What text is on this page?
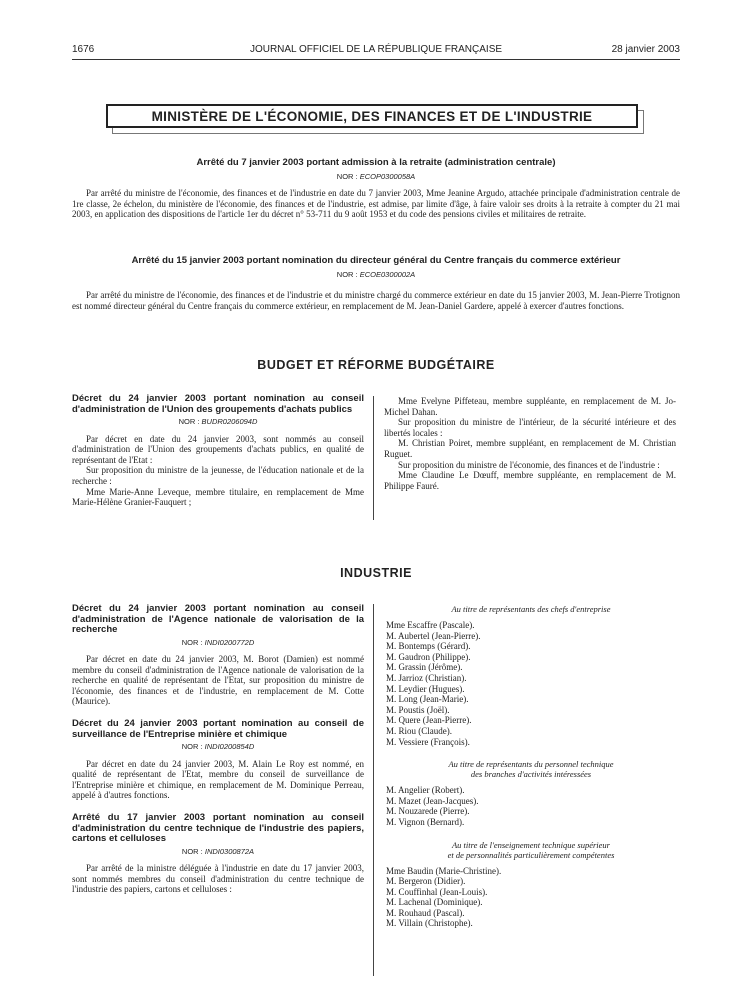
1676	JOURNAL OFFICIEL DE LA RÉPUBLIQUE FRANÇAISE	28 janvier 2003
MINISTÈRE DE L'ÉCONOMIE, DES FINANCES ET DE L'INDUSTRIE
Arrêté du 7 janvier 2003 portant admission à la retraite (administration centrale)
NOR : ECOP0300058A

Par arrêté du ministre de l'économie, des finances et de l'industrie en date du 7 janvier 2003, Mme Jeanine Argudo, attachée principale d'administration centrale de 1re classe, 2e échelon, du ministère de l'économie, des finances et de l'industrie, est admise, par limite d'âge, à faire valoir ses droits à la retraite à compter du 21 mai 2003, en application des dispositions de l'article 1er du décret n° 53-711 du 9 août 1953 et du code des pensions civiles et militaires de retraite.

Arrêté du 15 janvier 2003 portant nomination du directeur général du Centre français du commerce extérieur
NOR : ECOE0300002A

Par arrêté du ministre de l'économie, des finances et de l'industrie et du ministre chargé du commerce extérieur en date du 15 janvier 2003, M. Jean-Pierre Trotignon est nommé directeur général du Centre français du commerce extérieur, en remplacement de M. Jean-Daniel Gardere, appelé à exercer d'autres fonctions.

BUDGET ET RÉFORME BUDGÉTAIRE
Décret du 24 janvier 2003 portant nomination au conseil d'administration de l'Union des groupements d'achats publics
NOR : BUDR0206094D

Par décret en date du 24 janvier 2003, sont nommés au conseil d'administration de l'Union des groupements d'achats publics, en qualité de représentant de l'Etat :

Sur proposition du ministre de la jeunesse, de l'éducation nationale et de la recherche :

Mme Marie-Anne Leveque, membre titulaire, en remplacement de Mme Marie-Hélène Granier-Fauquert ;

Mme Evelyne Piffeteau, membre suppléante, en remplacement de M. Jo-Michel Dahan.

Sur proposition du ministre de l'intérieur, de la sécurité intérieure et des libertés locales :

M. Christian Poiret, membre suppléant, en remplacement de M. Christian Ruguet.

Sur proposition du ministre de l'économie, des finances et de l'industrie :

Mme Claudine Le Dœuff, membre suppléante, en remplacement de M. Philippe Fauré.

INDUSTRIE
Décret du 24 janvier 2003 portant nomination au conseil d'administration de l'Agence nationale de valorisation de la recherche
NOR : INDI0200772D

Par décret en date du 24 janvier 2003, M. Borot (Damien) est nommé membre du conseil d'administration de l'Agence nationale de valorisation de la recherche en qualité de représentant de l'Etat, sur proposition du ministre de l'économie, des finances et de l'industrie, en remplacement de M. Cotte (Maurice).

Décret du 24 janvier 2003 portant nomination au conseil de surveillance de l'Entreprise minière et chimique
NOR : INDI0200854D

Par décret en date du 24 janvier 2003, M. Alain Le Roy est nommé, en qualité de représentant de l'Etat, membre du conseil de surveillance de l'Entreprise minière et chimique, en remplacement de M. Dominique Perreau, appelé à d'autres fonctions.

Arrêté du 17 janvier 2003 portant nomination au conseil d'administration du centre technique de l'industrie des papiers, cartons et celluloses
NOR : INDI0300872A

Par arrêté de la ministre déléguée à l'industrie en date du 17 janvier 2003, sont nommés membres du conseil d'administration du centre technique de l'industrie des papiers, cartons et celluloses :

Au titre de représentants des chefs d'entreprise
Mme Escaffre (Pascale).
M. Aubertel (Jean-Pierre).
M. Bontemps (Gérard).
M. Gaudron (Philippe).
M. Grassin (Jérôme).
M. Jarrioz (Christian).
M. Leydier (Hugues).
M. Long (Jean-Marie).
M. Poustis (Joël).
M. Quere (Jean-Pierre).
M. Riou (Claude).
M. Vessiere (François).
Au titre de représentants du personnel technique
des branches d'activités intéressées
M. Angelier (Robert).
M. Mazet (Jean-Jacques).
M. Nouzarede (Pierre).
M. Vignon (Bernard).
Au titre de l'enseignement technique supérieur
et de personnalités particulièrement compétentes
Mme Baudin (Marie-Christine).
M. Bergeron (Didier).
M. Couffinhal (Jean-Louis).
M. Lachenal (Dominique).
M. Rouhaud (Pascal).
M. Villain (Christophe).
